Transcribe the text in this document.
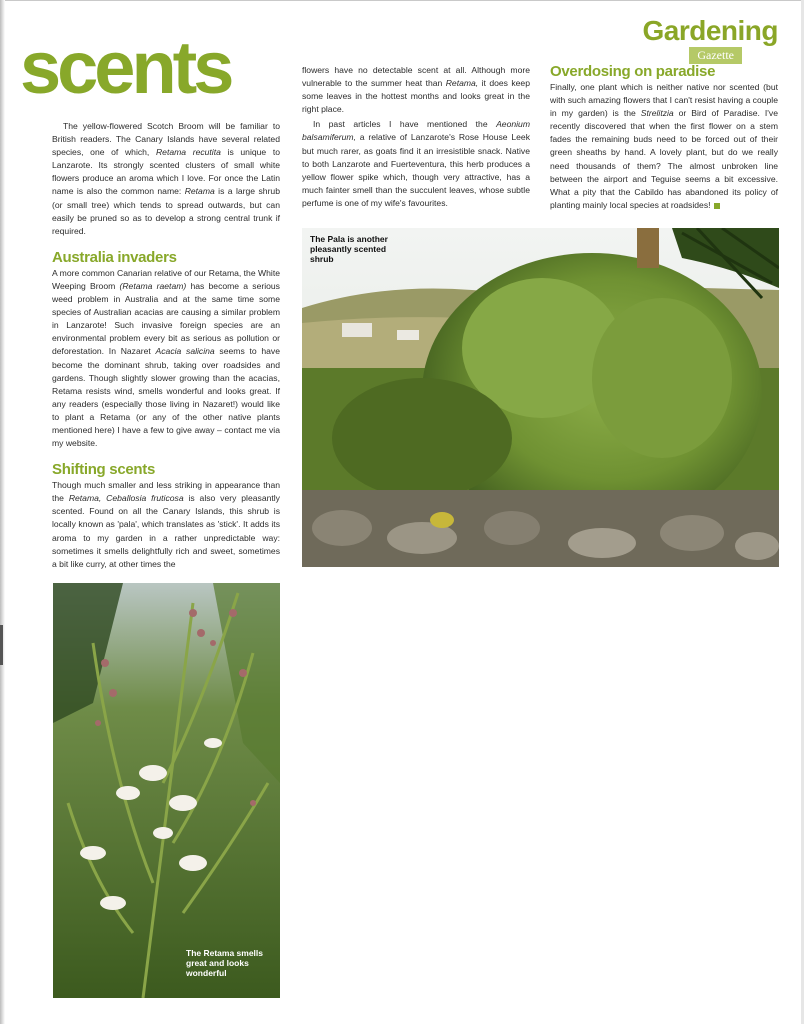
Gardening
Gazette
scents

The yellow-flowered Scotch Broom will be familiar to British readers. The Canary Islands have several related species, one of which, Retama recutita is unique to Lanzarote. Its strongly scented clusters of small white flowers produce an aroma which I love. For once the Latin name is also the common name: Retama is a large shrub (or small tree) which tends to spread outwards, but can easily be pruned so as to develop a strong central trunk if required.

Australia invaders

A more common Canarian relative of our Retama, the White Weeping Broom (Retama raetam) has become a serious weed problem in Australia and at the same time some species of Australian acacias are causing a similar problem in Lanzarote! Such invasive foreign species are an environmental problem every bit as serious as pollution or deforestation. In Nazaret Acacia salicina seems to have become the dominant shrub, taking over roadsides and gardens. Though slightly slower growing than the acacias, Retama resists wind, smells wonderful and looks great. If any readers (especially those living in Nazaret!) would like to plant a Retama (or any of the other native plants mentioned here) I have a few to give away – contact me via my website.

Shifting scents

Though much smaller and less striking in appearance than the Retama, Ceballosia fruticosa is also very pleasantly scented. Found on all the Canary Islands, this shrub is locally known as 'pala', which translates as 'stick'. It adds its aroma to my garden in a rather unpredictable way: sometimes it smells delightfully rich and sweet, sometimes a bit like curry, at other times the

flowers have no detectable scent at all. Although more vulnerable to the summer heat than Retama, it does keep some leaves in the hottest months and looks great in the right place.

In past articles I have mentioned the Aeonium balsamiferum, a relative of Lanzarote's Rose House Leek but much rarer, as goats find it an irresistible snack. Native to both Lanzarote and Fuerteventura, this herb produces a yellow flower spike which, though very attractive, has a much fainter smell than the succulent leaves, whose subtle perfume is one of my wife's favourites.

Overdosing on paradise

Finally, one plant which is neither native nor scented (but with such amazing flowers that I can't resist having a couple in my garden) is the Strelitzia or Bird of Paradise. I've recently discovered that when the first flower on a stem fades the remaining buds need to be forced out of their green sheaths by hand. A lovely plant, but do we really need thousands of them? The almost unbroken line between the airport and Teguise seems a bit excessive. What a pity that the Cabildo has abandoned its policy of planting mainly local species at roadsides!

The Pala is another pleasantly scented shrub
The Retama smells great and looks wonderful
